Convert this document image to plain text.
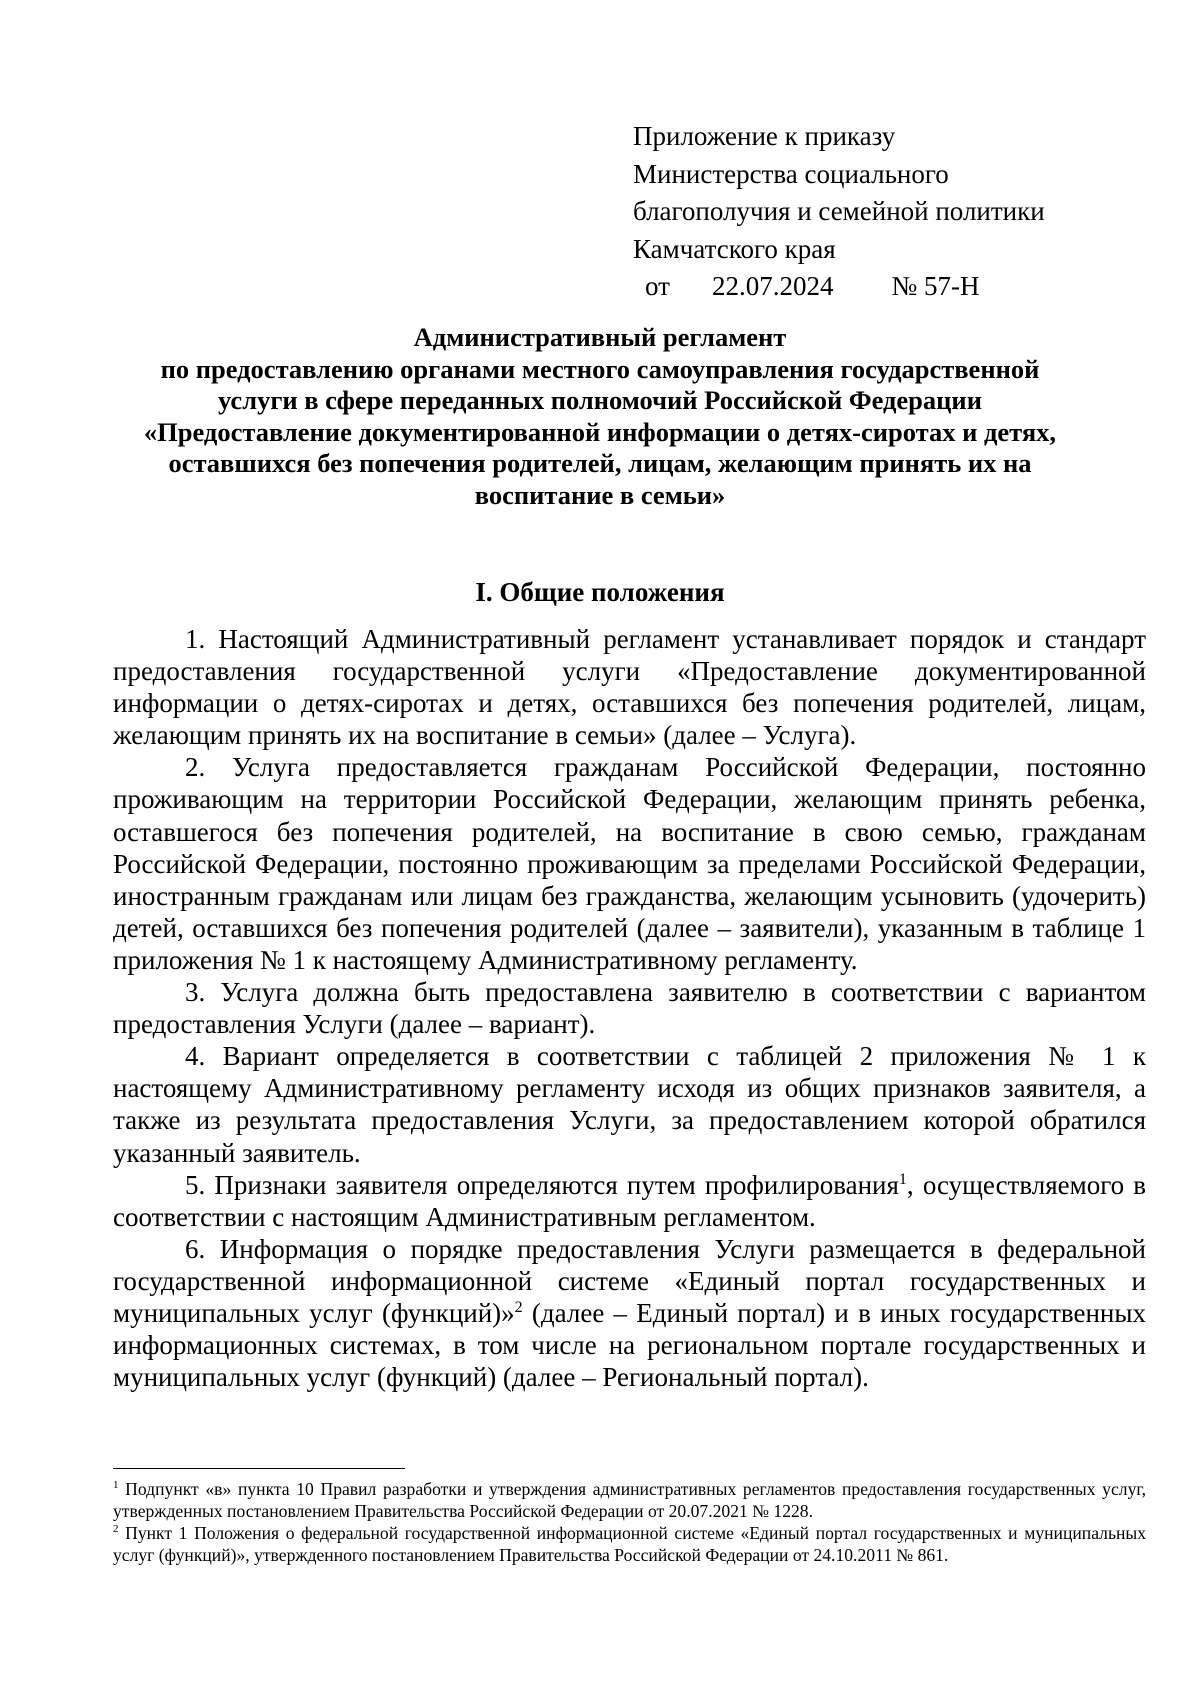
Приложение к приказу
Министерства социального
благополучия и семейной политики
Камчатского края
от 22.07.2024 № 57-Н
Административный регламент
по предоставлению органами местного самоуправления государственной
услуги в сфере переданных полномочий Российской Федерации
«Предоставление документированной информации о детях-сиротах и детях,
оставшихся без попечения родителей, лицам, желающим принять их на
воспитание в семьи»
I. Общие положения

1. Настоящий Административный регламент устанавливает порядок и стандарт предоставления государственной услуги «Предоставление документированной информации о детях-сиротах и детях, оставшихся без попечения родителей, лицам, желающим принять их на воспитание в семьи» (далее – Услуга).

2. Услуга предоставляется гражданам Российской Федерации, постоянно проживающим на территории Российской Федерации, желающим принять ребенка, оставшегося без попечения родителей, на воспитание в свою семью, гражданам Российской Федерации, постоянно проживающим за пределами Российской Федерации, иностранным гражданам или лицам без гражданства, желающим усыновить (удочерить) детей, оставшихся без попечения родителей (далее – заявители), указанным в таблице 1 приложения № 1 к настоящему Административному регламенту.

3. Услуга должна быть предоставлена заявителю в соответствии с вариантом предоставления Услуги (далее – вариант).

4. Вариант определяется в соответствии с таблицей 2 приложения № 1 к настоящему Административному регламенту исходя из общих признаков заявителя, а также из результата предоставления Услуги, за предоставлением которой обратился указанный заявитель.

5. Признаки заявителя определяются путем профилирования$^1$, осуществляемого в соответствии с настоящим Административным регламентом.

6. Информация о порядке предоставления Услуги размещается в федеральной государственной информационной системе «Единый портал государственных и муниципальных услуг (функций)»$^2$ (далее – Единый портал) и в иных государственных информационных системах, в том числе на региональном портале государственных и муниципальных услуг (функций) (далее – Региональный портал).

$^1$ Подпункт «в» пункта 10 Правил разработки и утверждения административных регламентов предоставления государственных услуг, утвержденных постановлением Правительства Российской Федерации от 20.07.2021 № 1228.

$^2$ Пункт 1 Положения о федеральной государственной информационной системе «Единый портал государственных и муниципальных услуг (функций)», утвержденного постановлением Правительства Российской Федерации от 24.10.2011 № 861.
